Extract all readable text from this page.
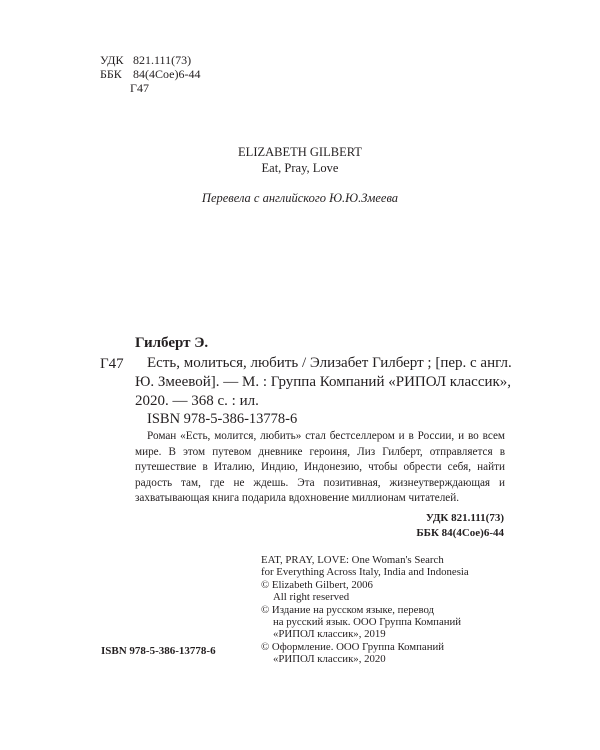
УДК 821.111(73)
ББК 84(4Сое)6-44
Г47
ELIZABETH GILBERT
Eat, Pray, Love
Перевела с английского Ю.Ю.Змеева
Гилберт Э.
Г47	Есть, молиться, любить / Элизабет Гилберт ; [пер. с англ. Ю. Змеевой]. — М. : Группа Компаний «РИПОЛ классик», 2020. — 368 с. : ил.
ISBN 978-5-386-13778-6
Роман «Есть, молится, любить» стал бестселлером и в России, и во всем мире. В этом путевом дневнике героиня, Лиз Гилберт, отправляется в путешествие в Италию, Индию, Индонезию, чтобы обрести себя, найти радость там, где не ждешь. Эта позитивная, жизнеутверждающая и захватывающая книга подарила вдохновение миллионам читателей.
УДК 821.111(73)
ББК 84(4Сое)6-44
EAT, PRAY, LOVE: One Woman's Search
for Everything Across Italy, India and Indonesia
© Elizabeth Gilbert, 2006
All right reserved
© Издание на русском языке, перевод
на русский язык. ООО Группа Компаний
«РИПОЛ классик», 2019
© Оформление. ООО Группа Компаний
«РИПОЛ классик», 2020
ISBN 978-5-386-13778-6
